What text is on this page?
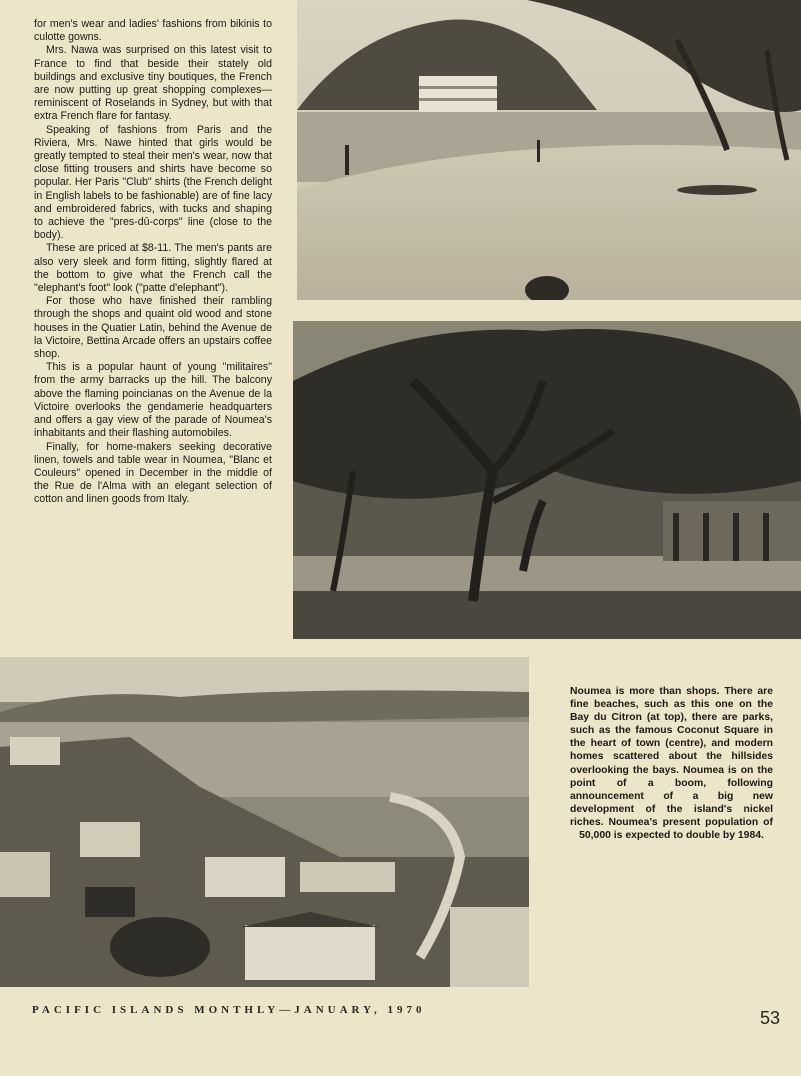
for men's wear and ladies' fashions from bikinis to culotte gowns.

Mrs. Nawa was surprised on this latest visit to France to find that beside their stately old buildings and exclusive tiny boutiques, the French are now putting up great shopping complexes—reminiscent of Roselands in Sydney, but with that extra French flare for fantasy.

Speaking of fashions from Paris and the Riviera, Mrs. Nawe hinted that girls would be greatly tempted to steal their men's wear, now that close fitting trousers and shirts have become so popular. Her Paris "Club" shirts (the French delight in English labels to be fashionable) are of fine lacy and embroidered fabrics, with tucks and shaping to achieve the "pres-dû-corps" line (close to the body).

These are priced at $8-11. The men's pants are also very sleek and form fitting, slightly flared at the bottom to give what the French call the "elephant's foot" look ("patte d'elephant").

For those who have finished their rambling through the shops and quaint old wood and stone houses in the Quatier Latin, behind the Avenue de la Victoire, Bettina Arcade offers an upstairs coffee shop.

This is a popular haunt of young "militaires" from the army barracks up the hill. The balcony above the flaming poincianas on the Avenue de la Victoire overlooks the gendamerie headquarters and offers a gay view of the parade of Noumea's inhabitants and their flashing automobiles.

Finally, for home-makers seeking decorative linen, towels and table wear in Noumea, "Blanc et Couleurs" opened in December in the middle of the Rue de l'Alma with an elegant selection of cotton and linen goods from Italy.

Noumea is more than shops. There are fine beaches, such as this one on the Bay du Citron (at top), there are parks, such as the famous Coconut Square in the heart of town (centre), and modern homes scattered about the hillsides overlooking the bays. Noumea is on the point of a boom, following announcement of a big new development of the island's nickel riches. Noumea's present population of 50,000 is expected to double by 1984.
PACIFIC ISLANDS MONTHLY—JANUARY, 1970	53
